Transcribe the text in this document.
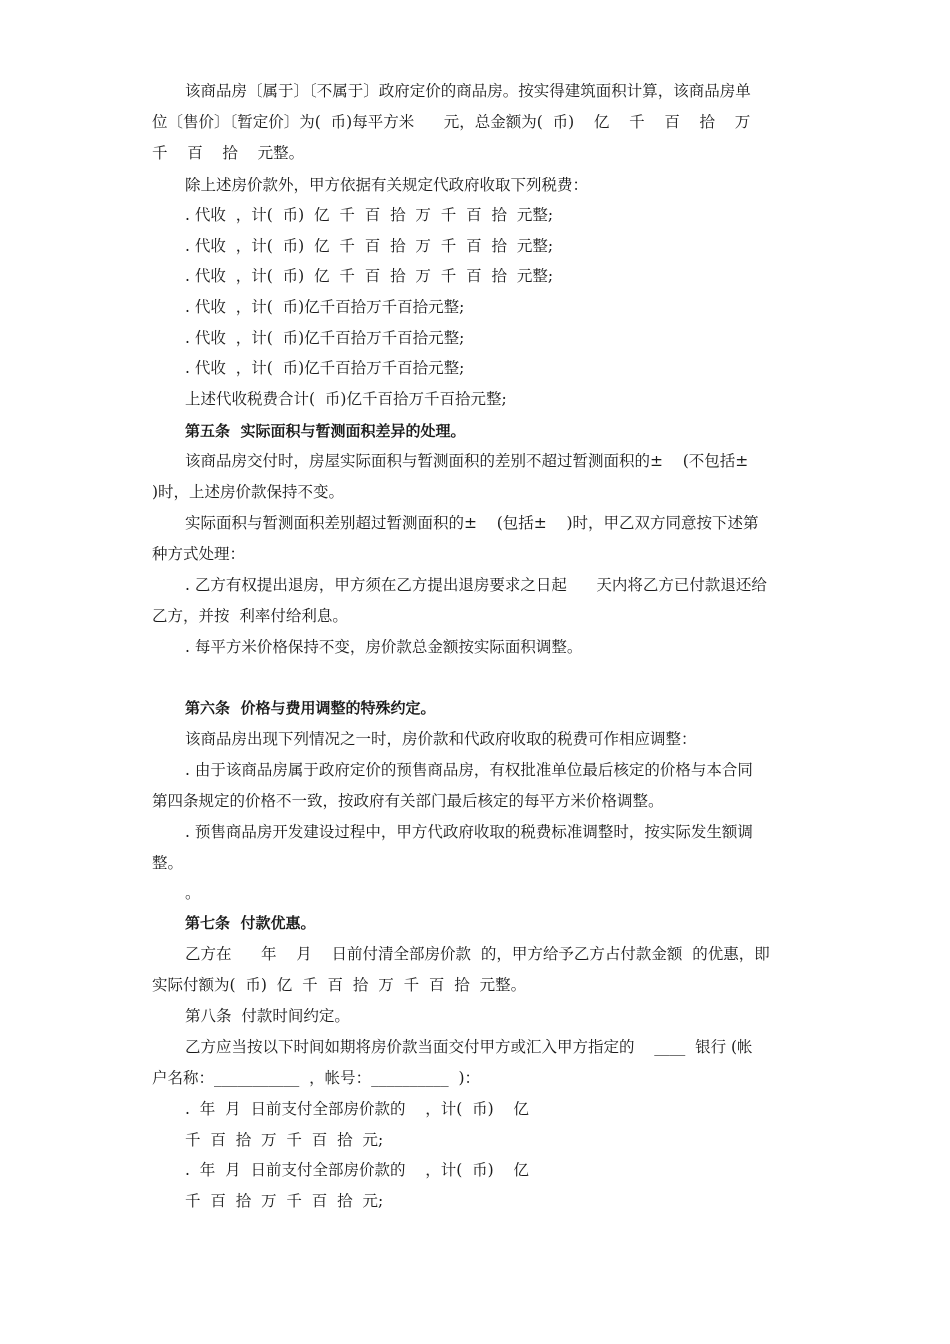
该商品房〔属于〕〔不属于〕政府定价的商品房。按实得建筑面积计算，该商品房单
位〔售价〕〔暂定价〕为(  币)每平方米      元，总金额为(  币)    亿    千    百    拾    万
千    百    拾    元整。
除上述房价款外，甲方依据有关规定代政府收取下列税费：
. 代收  ，计(  币)  亿  千  百  拾  万  千  百  拾  元整;
. 代收  ，计(  币)  亿  千  百  拾  万  千  百  拾  元整;
. 代收  ，计(  币)  亿  千  百  拾  万  千  百  拾  元整;
. 代收  ，计(  币)亿千百拾万千百拾元整;
. 代收  ，计(  币)亿千百拾万千百拾元整;
. 代收  ，计(  币)亿千百拾万千百拾元整;
上述代收税费合计(  币)亿千百拾万千百拾元整;
第五条  实际面积与暂测面积差异的处理。
该商品房交付时，房屋实际面积与暂测面积的差别不超过暂测面积的±    (不包括±
)时，上述房价款保持不变。
实际面积与暂测面积差别超过暂测面积的±    (包括±    )时，甲乙双方同意按下述第
种方式处理：
. 乙方有权提出退房，甲方须在乙方提出退房要求之日起      天内将乙方已付款退还给
乙方，并按  利率付给利息。
. 每平方米价格保持不变，房价款总金额按实际面积调整。
第六条  价格与费用调整的特殊约定。
该商品房出现下列情况之一时，房价款和代政府收取的税费可作相应调整：
. 由于该商品房属于政府定价的预售商品房，有权批准单位最后核定的价格与本合同
第四条规定的价格不一致，按政府有关部门最后核定的每平方米价格调整。
. 预售商品房开发建设过程中，甲方代政府收取的税费标准调整时，按实际发生额调
整。
。
第七条  付款优惠。
乙方在      年    月    日前付清全部房价款  的，甲方给予乙方占付款金额  的优惠，即
实际付额为(  币)  亿  千  百  拾  万  千  百  拾  元整。
第八条  付款时间约定。
乙方应当按以下时间如期将房价款当面交付甲方或汇入甲方指定的    ____  银行 (帐
户名称：___________  ，帐号：__________  )：
.  年  月  日前支付全部房价款的    ，计(  币)    亿
千  百  拾  万  千  百  拾  元;
.  年  月  日前支付全部房价款的    ，计(  币)    亿
千  百  拾  万  千  百  拾  元;
